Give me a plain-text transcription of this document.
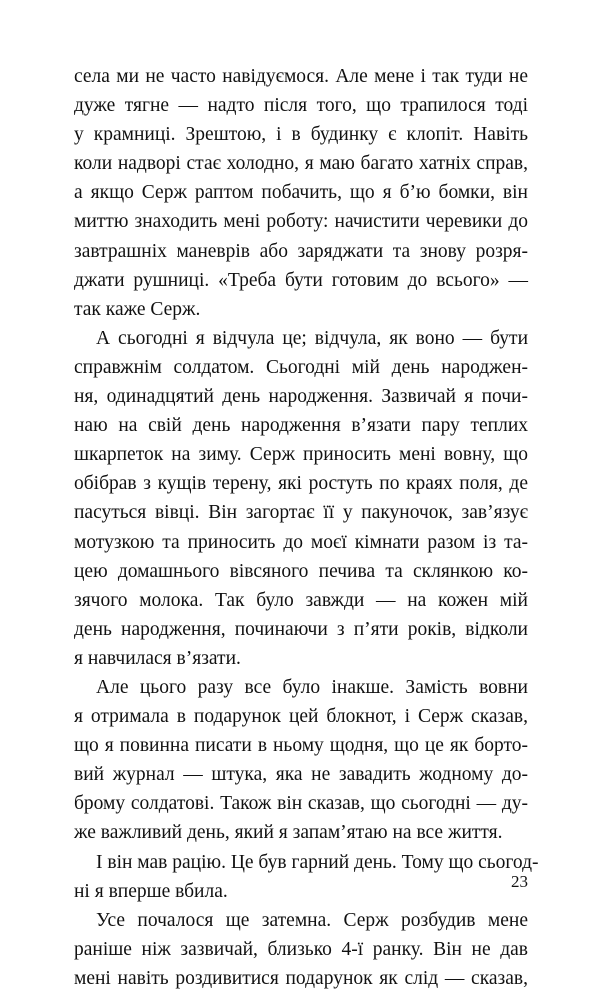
села ми не часто навідуємося. Але мене і так туди не
дуже тягне — надто після того, що трапилося тоді
у крамниці. Зрештою, і в будинку є клопіт. Навіть
коли надворі стає холодно, я маю багато хатніх справ,
а якщо Серж раптом побачить, що я б’ю бомки, він
миттю знаходить мені роботу: начистити черевики до
завтрашніх маневрів або заряджати та знову розря-
джати рушниці. «Треба бути готовим до всього» —
так каже Серж.
А сьогодні я відчула це; відчула, як воно — бути
справжнім солдатом. Сьогодні мій день народжен-
ня, одинадцятий день народження. Зазвичай я почи-
наю на свій день народження в’язати пару теплих
шкарпеток на зиму. Серж приносить мені вовну, що
обібрав з кущів терену, які ростуть по краях поля, де
пасуться вівці. Він загортає її у пакуночок, зав’язує
мотузкою та приносить до моєї кімнати разом із та-
цею домашнього вівсяного печива та склянкою ко-
зячого молока. Так було завжди — на кожен мій
день народження, починаючи з п’яти років, відколи
я навчилася в’язати.
Але цього разу все було інакше. Замість вовни
я отримала в подарунок цей блокнот, і Серж сказав,
що я повинна писати в ньому щодня, що це як борто-
вий журнал — штука, яка не завадить жодному до-
брому солдатові. Також він сказав, що сьогодні — ду-
же важливий день, який я запам’ятаю на все життя.
І він мав рацію. Це був гарний день. Тому що сьогод-
ні я вперше вбила.
Усе почалося ще затемна. Серж розбудив мене
раніше ніж зазвичай, близько 4-ї ранку. Він не дав
мені навіть роздивитися подарунок як слід — сказав,
23
